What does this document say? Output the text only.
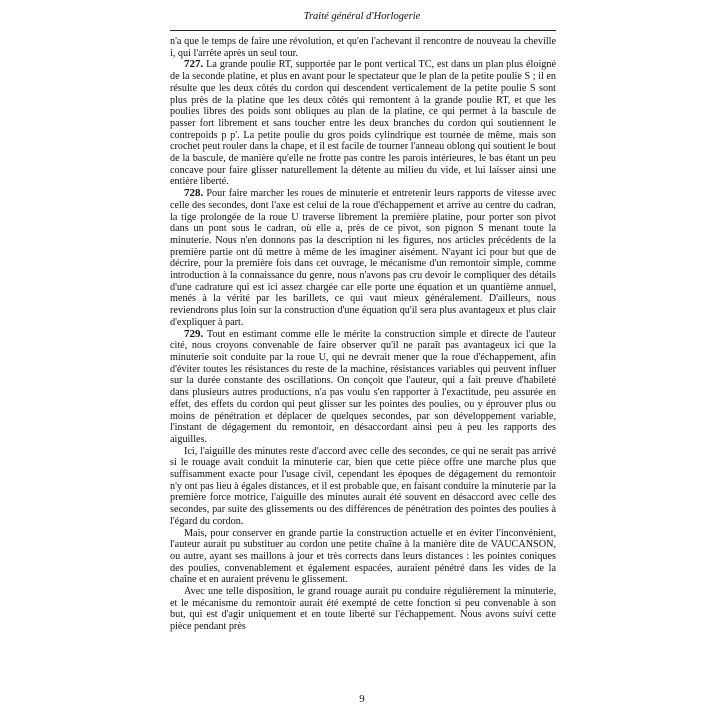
Traité général d'Horlogerie

n'a que le temps de faire une révolution, et qu'en l'achevant il rencontre de nouveau la cheville i, qui l'arrête après un seul tour.

727. La grande poulie RT, supportée par le pont vertical TC, est dans un plan plus éloigné de la seconde platine, et plus en avant pour le spectateur que le plan de la petite poulie S ; il en résulte que les deux côtés du cordon qui descendent verticalement de la petite poulie S sont plus près de la platine que les deux côtés qui remontent à la grande poulie RT, et que les poulies libres des poids sont obliques au plan de la platine, ce qui permet à la bascule de passer fort librement et sans toucher entre les deux branches du cordon qui soutiennent le contrepoids p p'. La petite poulie du gros poids cylindrique est tournée de même, mais son crochet peut rouler dans la chape, et il est facile de tourner l'anneau oblong qui soutient le bout de la bascule, de manière qu'elle ne frotte pas contre les parois intérieures, le bas étant un peu concave pour faire glisser naturellement la détente au milieu du vide, et lui laisser ainsi une entière liberté.

728. Pour faire marcher les roues de minuterie et entretenir leurs rapports de vitesse avec celle des secondes, dont l'axe est celui de la roue d'échappement et arrive au centre du cadran, la tige prolongée de la roue U traverse librement la première platine, pour porter son pivot dans un pont sous le cadran, où elle a, près de ce pivot, son pignon S menant toute la minuterie. Nous n'en donnons pas la description ni les figures, nos articles précédents de la première partie ont dû mettre à même de les imaginer aisément. N'ayant ici pour but que de décrire, pour la première fois dans cet ouvrage, le mécanisme d'un remontoir simple, comme introduction à la connaissance du genre, nous n'avons pas cru devoir le compliquer des détails d'une cadrature qui est ici assez chargée car elle porte une équation et un quantième annuel, menés à la vérité par les barillets, ce qui vaut mieux généralement. D'ailleurs, nous reviendrons plus loin sur la construction d'une équation qu'il sera plus avantageux et plus clair d'expliquer à part.

729. Tout en estimant comme elle le mérite la construction simple et directe de l'auteur cité, nous croyons convenable de faire observer qu'il ne paraît pas avantageux ici que la minuterie soit conduite par la roue U, qui ne devrait mener que la roue d'échappement, afin d'éviter toutes les résistances du reste de la machine, résistances variables qui peuvent influer sur la durée constante des oscillations. On conçoit que l'auteur, qui a fait preuve d'habileté dans plusieurs autres productions, n'a pas voulu s'en rapporter à l'exactitude, peu assurée en effet, des effets du cordon qui peut glisser sur les pointes des poulies, ou y éprouver plus ou moins de pénétration et déplacer de quelques secondes, par son développement variable, l'instant de dégagement du remontoir, en désaccordant ainsi peu à peu les rapports des aiguilles.

Ici, l'aiguille des minutes reste d'accord avec celle des secondes, ce qui ne serait pas arrivé si le rouage avait conduit la minuterie car, bien que cette pièce offre une marche plus que suffisamment exacte pour l'usage civil, cependant les époques de dégagement du remontoir n'y ont pas lieu à égales distances, et il est probable que, en faisant conduire la minuterie par la première force motrice, l'aiguille des minutes aurait été souvent en désaccord avec celle des secondes, par suite des glissements ou des différences de pénétration des pointes des poulies à l'égard du cordon.

Mais, pour conserver en grande partie la construction actuelle et en éviter l'inconvénient, l'auteur aurait pu substituer au cordon une petite chaîne à la manière dite de VAUCANSON, ou autre, ayant ses maillons à jour et très corrects dans leurs distances : les pointes coniques des poulies, convenablement et également espacées, auraient pénétré dans les vides de la chaîne et en auraient prévenu le glissement.

Avec une telle disposition, le grand rouage aurait pu conduire régulièrement la minuterie, et le mécanisme du remontoir aurait été exempté de cette fonction si peu convenable à son but, qui est d'agir uniquement et en toute liberté sur l'échappement. Nous avons suivi cette pièce pendant près

9
